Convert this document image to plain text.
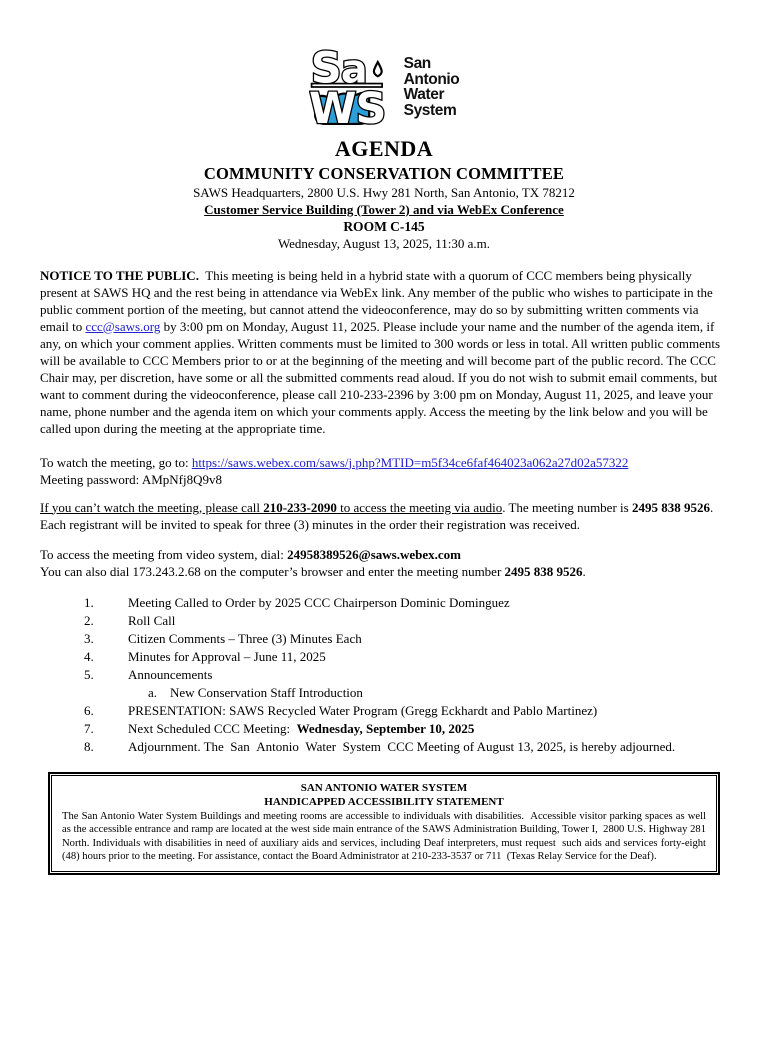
S a
W S
San
Antonio
Water
System
AGENDA
COMMUNITY CONSERVATION COMMITTEE
SAWS Headquarters, 2800 U.S. Hwy 281 North, San Antonio, TX 78212
Customer Service Building (Tower 2) and via WebEx Conference
ROOM C-145
Wednesday, August 13, 2025, 11:30 a.m.

NOTICE TO THE PUBLIC.  This meeting is being held in a hybrid state with a quorum of CCC members being physically present at SAWS HQ and the rest being in attendance via WebEx link. Any member of the public who wishes to participate in the public comment portion of the meeting, but cannot attend the videoconference, may do so by submitting written comments via email to ccc@saws.org by 3:00 pm on Monday, August 11, 2025. Please include your name and the number of the agenda item, if any, on which your comment applies. Written comments must be limited to 300 words or less in total. All written public comments will be available to CCC Members prior to or at the beginning of the meeting and will become part of the public record. The CCC Chair may, per discretion, have some or all the submitted comments read aloud. If you do not wish to submit email comments, but want to comment during the videoconference, please call 210-233-2396 by 3:00 pm on Monday, August 11, 2025, and leave your name, phone number and the agenda item on which your comments apply. Access the meeting by the link below and you will be called upon during the meeting at the appropriate time.

To watch the meeting, go to: https://saws.webex.com/saws/j.php?MTID=m5f34ce6faf464023a062a27d02a57322
Meeting password: AMpNfj8Q9v8

If you can’t watch the meeting, please call 210-233-2090 to access the meeting via audio. The meeting number is 2495 838 9526. Each registrant will be invited to speak for three (3) minutes in the order their registration was received.

To access the meeting from video system, dial: 24958389526@saws.webex.com
You can also dial 173.243.2.68 on the computer’s browser and enter the meeting number 2495 838 9526.

1.	Meeting Called to Order by 2025 CCC Chairperson Dominic Dominguez
2.	Roll Call
3.	Citizen Comments – Three (3) Minutes Each
4.	Minutes for Approval – June 11, 2025
5.	Announcements
a. New Conservation Staff Introduction
6.	PRESENTATION: SAWS Recycled Water Program (Gregg Eckhardt and Pablo Martinez)
7.	Next Scheduled CCC Meeting:  Wednesday, September 10, 2025
8.	Adjournment. The  San  Antonio  Water  System  CCC Meeting of August 13, 2025, is hereby adjourned.
SAN ANTONIO WATER SYSTEM
HANDICAPPED ACCESSIBILITY STATEMENT
The San Antonio Water System Buildings and meeting rooms are accessible to individuals with disabilities.  Accessible visitor parking spaces as well as the accessible entrance and ramp are located at the west side main entrance of the SAWS Administration Building, Tower I,  2800 U.S. Highway 281 North. Individuals with disabilities in need of auxiliary aids and services, including Deaf interpreters, must request  such aids and services forty-eight (48) hours prior to the meeting. For assistance, contact the Board Administrator at 210-233-3537 or 711  (Texas Relay Service for the Deaf).
